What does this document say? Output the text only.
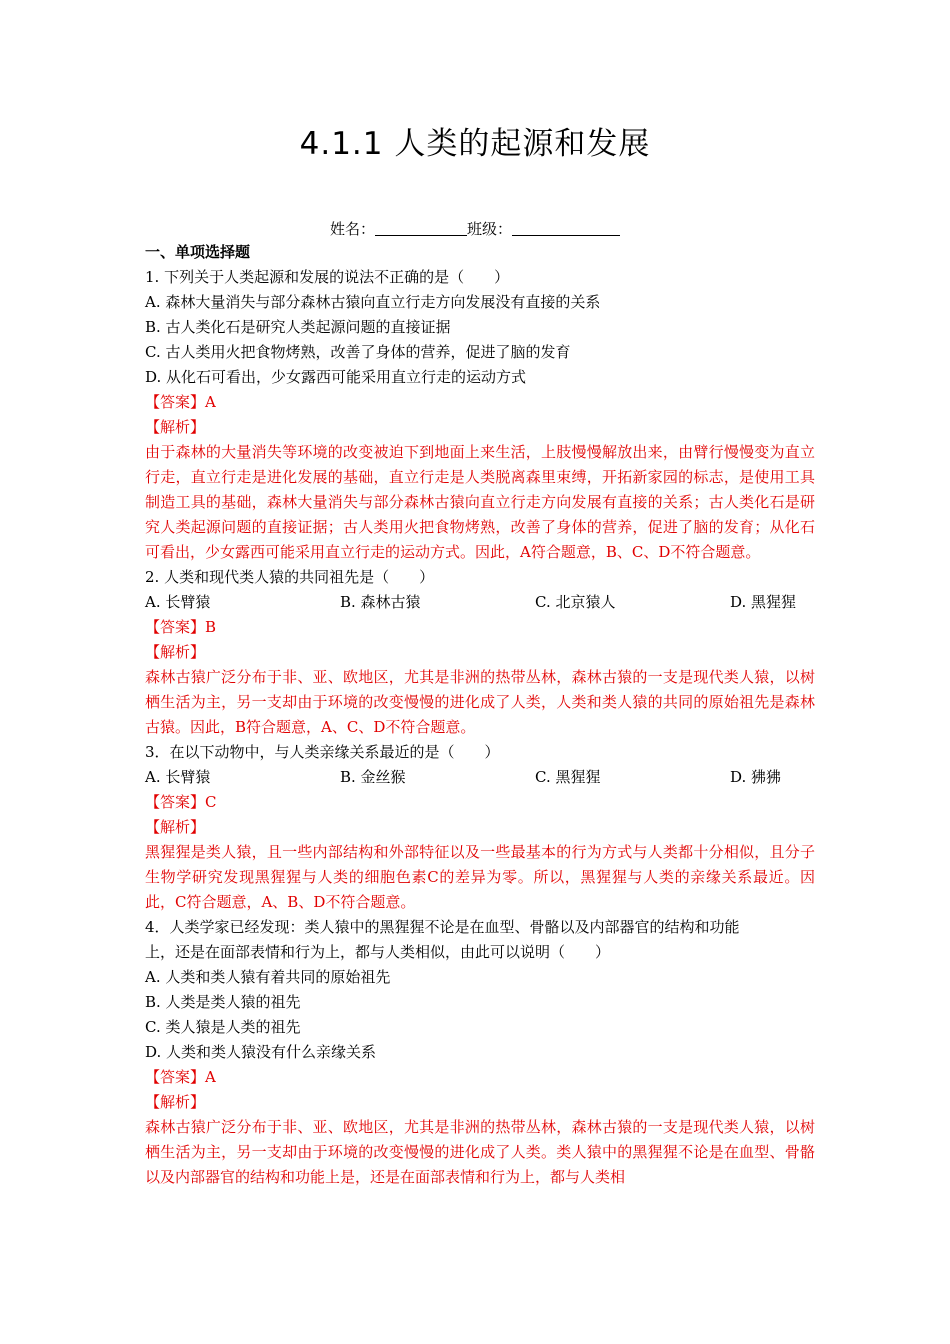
4.1.1 人类的起源和发展
姓名：	班级：
一、单项选择题
1. 下列关于人类起源和发展的说法不正确的是（　　）
A. 森林大量消失与部分森林古猿向直立行走方向发展没有直接的关系
B. 古人类化石是研究人类起源问题的直接证据
C. 古人类用火把食物烤熟，改善了身体的营养，促进了脑的发育
D. 从化石可看出，少女露西可能采用直立行走的运动方式
【答案】A
【解析】
由于森林的大量消失等环境的改变被迫下到地面上来生活，上肢慢慢解放出来，由臂行慢慢变为直立行走，直立行走是进化发展的基础，直立行走是人类脱离森里束缚，开拓新家园的标志，是使用工具制造工具的基础，森林大量消失与部分森林古猿向直立行走方向发展有直接的关系；古人类化石是研究人类起源问题的直接证据；古人类用火把食物烤熟，改善了身体的营养，促进了脑的发育；从化石可看出，少女露西可能采用直立行走的运动方式。因此，A符合题意，B、C、D不符合题意。
2. 人类和现代类人猿的共同祖先是（　　）
A. 长臂猿	B. 森林古猿	C. 北京猿人	D. 黑猩猩
【答案】B
【解析】
森林古猿广泛分布于非、亚、欧地区，尤其是非洲的热带丛林，森林古猿的一支是现代类人猿，以树栖生活为主，另一支却由于环境的改变慢慢的进化成了人类，人类和类人猿的共同的原始祖先是森林古猿。因此，B符合题意，A、C、D不符合题意。
3．在以下动物中，与人类亲缘关系最近的是（　　）
A. 长臂猿	B. 金丝猴	C. 黑猩猩	D. 狒狒
【答案】C
【解析】
黑猩猩是类人猿，且一些内部结构和外部特征以及一些最基本的行为方式与人类都十分相似，且分子生物学研究发现黑猩猩与人类的细胞色素C的差异为零。所以，黑猩猩与人类的亲缘关系最近。因此，C符合题意，A、B、D不符合题意。
4．人类学家已经发现：类人猿中的黑猩猩不论是在血型、骨骼以及内部器官的结构和功能
上，还是在面部表情和行为上，都与人类相似，由此可以说明（　　）
A. 人类和类人猿有着共同的原始祖先
B. 人类是类人猿的祖先
C. 类人猿是人类的祖先
D. 人类和类人猿没有什么亲缘关系
【答案】A
【解析】
森林古猿广泛分布于非、亚、欧地区，尤其是非洲的热带丛林，森林古猿的一支是现代类人猿，以树栖生活为主，另一支却由于环境的改变慢慢的进化成了人类。类人猿中的黑猩猩不论是在血型、骨骼以及内部器官的结构和功能上是，还是在面部表情和行为上，都与人类相
